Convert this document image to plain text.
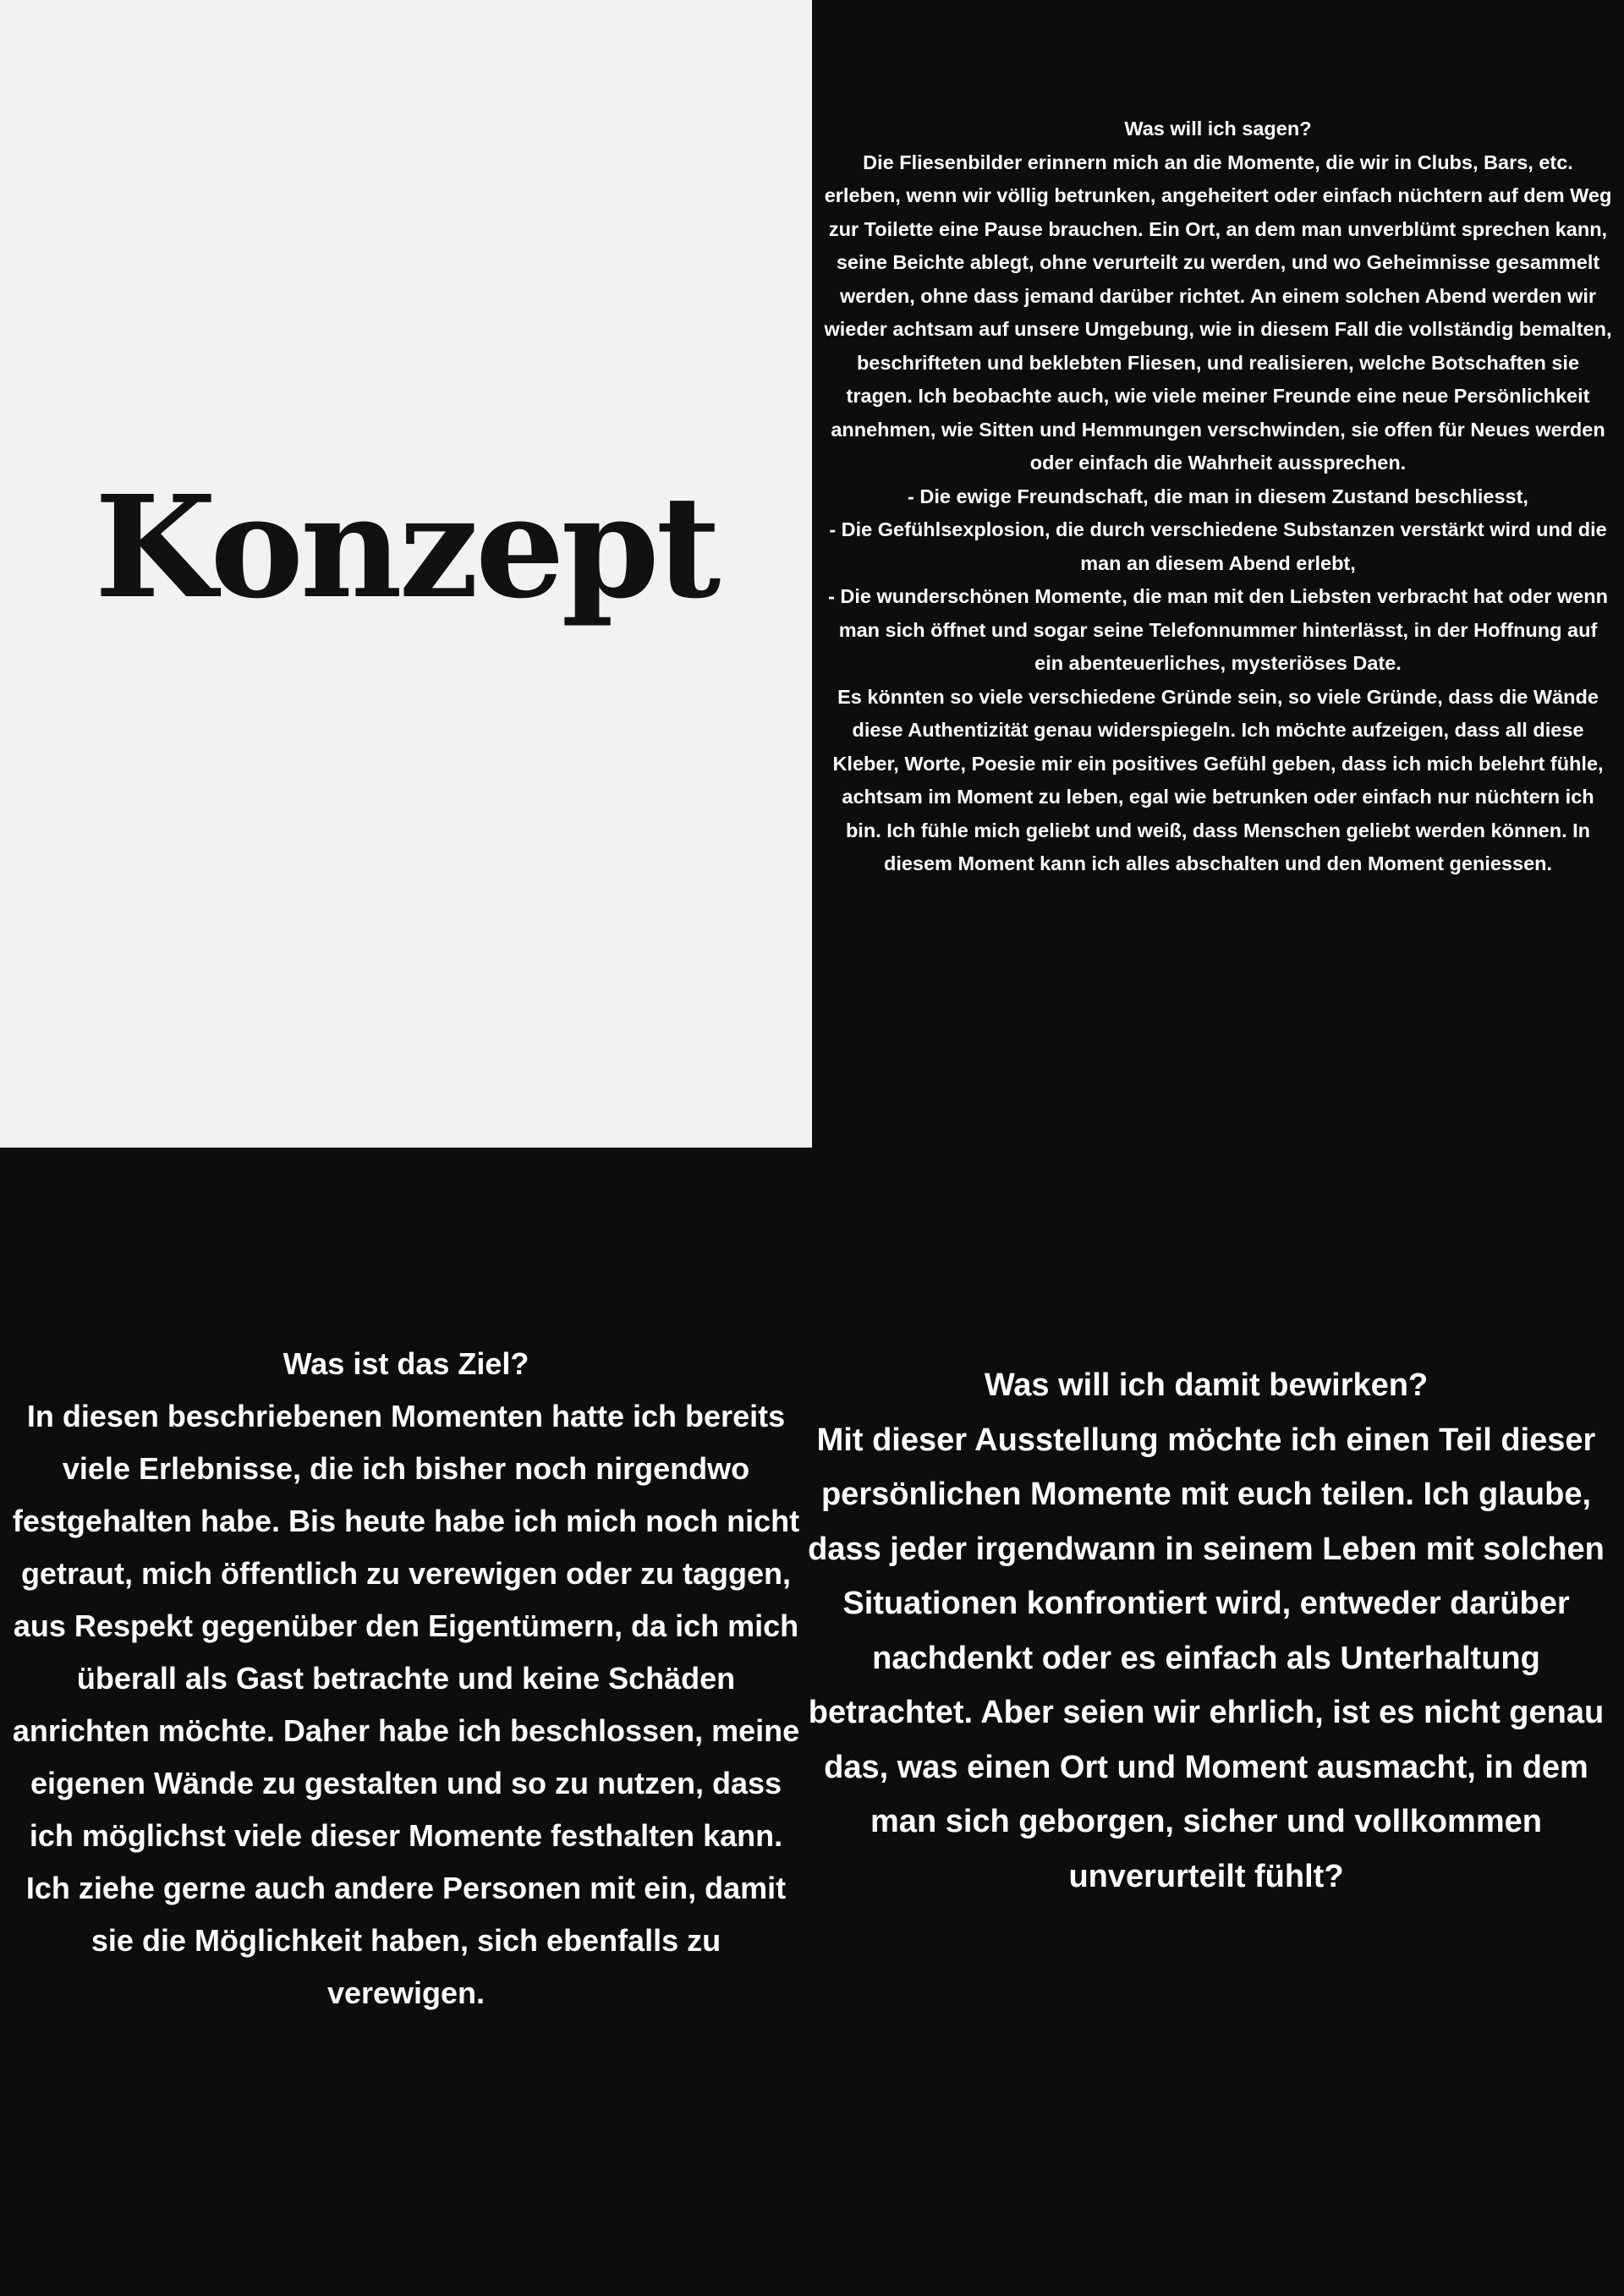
Konzept

Was will ich sagen?

Die Fliesenbilder erinnern mich an die Momente, die wir in Clubs, Bars, etc. erleben, wenn wir völlig betrunken, angeheitert oder einfach nüchtern auf dem Weg zur Toilette eine Pause brauchen. Ein Ort, an dem man unverblümt sprechen kann, seine Beichte ablegt, ohne verurteilt zu werden, und wo Geheimnisse gesammelt werden, ohne dass jemand darüber richtet. An einem solchen Abend werden wir wieder achtsam auf unsere Umgebung, wie in diesem Fall die vollständig bemalten, beschrifteten und beklebten Fliesen, und realisieren, welche Botschaften sie tragen. Ich beobachte auch, wie viele meiner Freunde eine neue Persönlichkeit annehmen, wie Sitten und Hemmungen verschwinden, sie offen für Neues werden oder einfach die Wahrheit aussprechen.

- Die ewige Freundschaft, die man in diesem Zustand beschliesst,

- Die Gefühlsexplosion, die durch verschiedene Substanzen verstärkt wird und die man an diesem Abend erlebt,

- Die wunderschönen Momente, die man mit den Liebsten verbracht hat oder wenn man sich öffnet und sogar seine Telefonnummer hinterlässt, in der Hoffnung auf ein abenteuerliches, mysteriöses Date.

Es könnten so viele verschiedene Gründe sein, so viele Gründe, dass die Wände diese Authentizität genau widerspiegeln. Ich möchte aufzeigen, dass all diese Kleber, Worte, Poesie mir ein positives Gefühl geben, dass ich mich belehrt fühle, achtsam im Moment zu leben, egal wie betrunken oder einfach nur nüchtern ich bin. Ich fühle mich geliebt und weiß, dass Menschen geliebt werden können. In diesem Moment kann ich alles abschalten und den Moment geniessen.

Was ist das Ziel?

In diesen beschriebenen Momenten hatte ich bereits viele Erlebnisse, die ich bisher noch nirgendwo festgehalten habe. Bis heute habe ich mich noch nicht getraut, mich öffentlich zu verewigen oder zu taggen, aus Respekt gegenüber den Eigentümern, da ich mich überall als Gast betrachte und keine Schäden anrichten möchte. Daher habe ich beschlossen, meine eigenen Wände zu gestalten und so zu nutzen, dass ich möglichst viele dieser Momente festhalten kann. Ich ziehe gerne auch andere Personen mit ein, damit sie die Möglichkeit haben, sich ebenfalls zu verewigen.

Was will ich damit bewirken?

Mit dieser Ausstellung möchte ich einen Teil dieser persönlichen Momente mit euch teilen. Ich glaube, dass jeder irgendwann in seinem Leben mit solchen Situationen konfrontiert wird, entweder darüber nachdenkt oder es einfach als Unterhaltung betrachtet. Aber seien wir ehrlich, ist es nicht genau das, was einen Ort und Moment ausmacht, in dem man sich geborgen, sicher und vollkommen unverurteilt fühlt?
